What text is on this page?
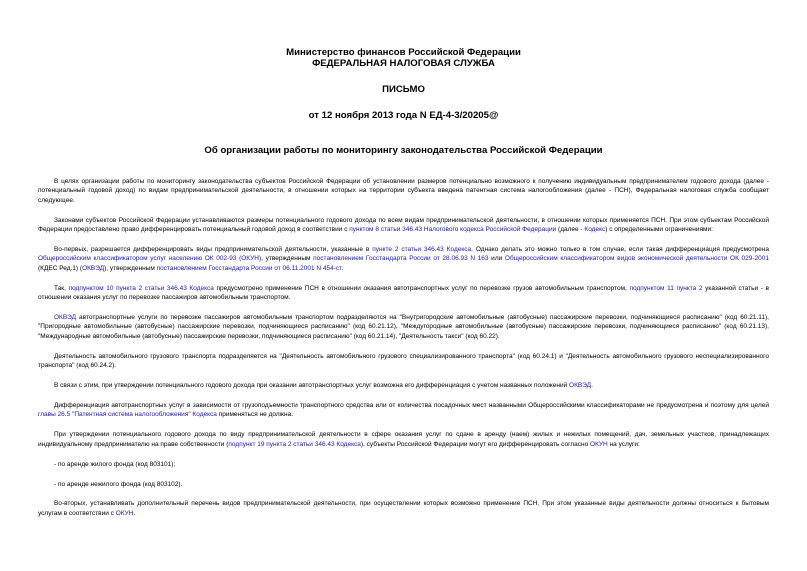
Министерство финансов Российской Федерации
ФЕДЕРАЛЬНАЯ НАЛОГОВАЯ СЛУЖБА
ПИСЬМО
от 12 ноября 2013 года N ЕД-4-3/20205@
Об организации работы по мониторингу законодательства Российской Федерации

В целях организации работы по мониторингу законодательства субъектов Российской Федерации об установлении размеров потенциально возможного к получению индивидуальным предпринимателем годового дохода (далее - потенциальный годовой доход) по видам предпринимательской деятельности, в отношении которых на территории субъекта введена патентная система налогообложения (далее - ПСН), Федеральная налоговая служба сообщает следующее.

Законами субъектов Российской Федерации устанавливаются размеры потенциального годового дохода по всем видам предпринимательской деятельности, в отношении которых применяется ПСН. При этом субъектам Российской Федерации предоставлено право дифференцировать потенциальный годовой доход в соответствии с пунктом 8 статьи 346.43 Налогового кодекса Российской Федерации (далее - Кодекс) с определенными ограничениями:

Во-первых, разрешается дифференцировать виды предпринимательской деятельности, указанные в пункте 2 статьи 346.43 Кодекса. Однако делать это можно только в том случае, если такая дифференциация предусмотрена Общероссийским классификатором услуг населению ОК 002-93 (ОКУН), утвержденным постановлением Госстандарта России от 28.06.93 N 163 или Общероссийским классификатором видов экономической деятельности ОК 029-2001 (КДЕС Ред.1) (ОКВЭД), утвержденным постановлением Госстандарта России от 06.11.2001 N 454-ст.

Так, подпунктом 10 пункта 2 статьи 346.43 Кодекса предусмотрено применение ПСН в отношении оказания автотранспортных услуг по перевозке грузов автомобильным транспортом, подпунктом 11 пункта 2 указанной статьи - в отношении оказания услуг по перевозке пассажиров автомобильным транспортом.

ОКВЭД автотранспортные услуги по перевозке пассажиров автомобильным транспортом подразделяются на "Внутригородские автомобильные (автобусные) пассажирские перевозки, подчиняющиеся расписанию" (код 60.21.11), "Пригородные автомобильные (автобусные) пассажирские перевозки, подчиняющиеся расписанию" (код 60.21.12), "Междугородные автомобильные (автобусные) пассажирские перевозки, подчиняющиеся расписанию" (код 60.21.13), "Международные автомобильные (автобусные) пассажирские перевозки, подчиняющиеся расписанию" (код 60.21.14), "Деятельность такси" (код 60.22).

Деятельность автомобильного грузового транспорта подразделяется на "Деятельность автомобильного грузового специализированного транспорта" (код 60.24.1) и "Деятельность автомобильного грузового неспециализированного транспорта" (код 60.24.2).

В связи с этим, при утверждении потенциального годового дохода при оказании автотранспортных услуг возможна его дифференциация с учетом названных положений ОКВЭД.

Дифференциация автотранспортных услуг в зависимости от грузоподъемности транспортного средства или от количества посадочных мест названными Общероссийскими классификаторами не предусмотрена и поэтому для целей главы 26.5 "Патентная система налогообложения" Кодекса применяться не должна.

При утверждении потенциального годового дохода по виду предпринимательской деятельности в сфере оказания услуг по сдаче в аренду (наем) жилых и нежилых помещений, дач, земельных участков, принадлежащих индивидуальному предпринимателю на праве собственности (подпункт 19 пункта 2 статьи 346.43 Кодекса), субъекты Российской Федерации могут его дифференцировать согласно ОКУН на услуги:

- по аренде жилого фонда (код 803101);

- по аренде нежилого фонда (код 803102).

Во-вторых, устанавливать дополнительный перечень видов предпринимательской деятельности, при осуществлении которых возможно применение ПСН. При этом указанные виды деятельности должны относиться к бытовым услугам в соответствии с ОКУН.
